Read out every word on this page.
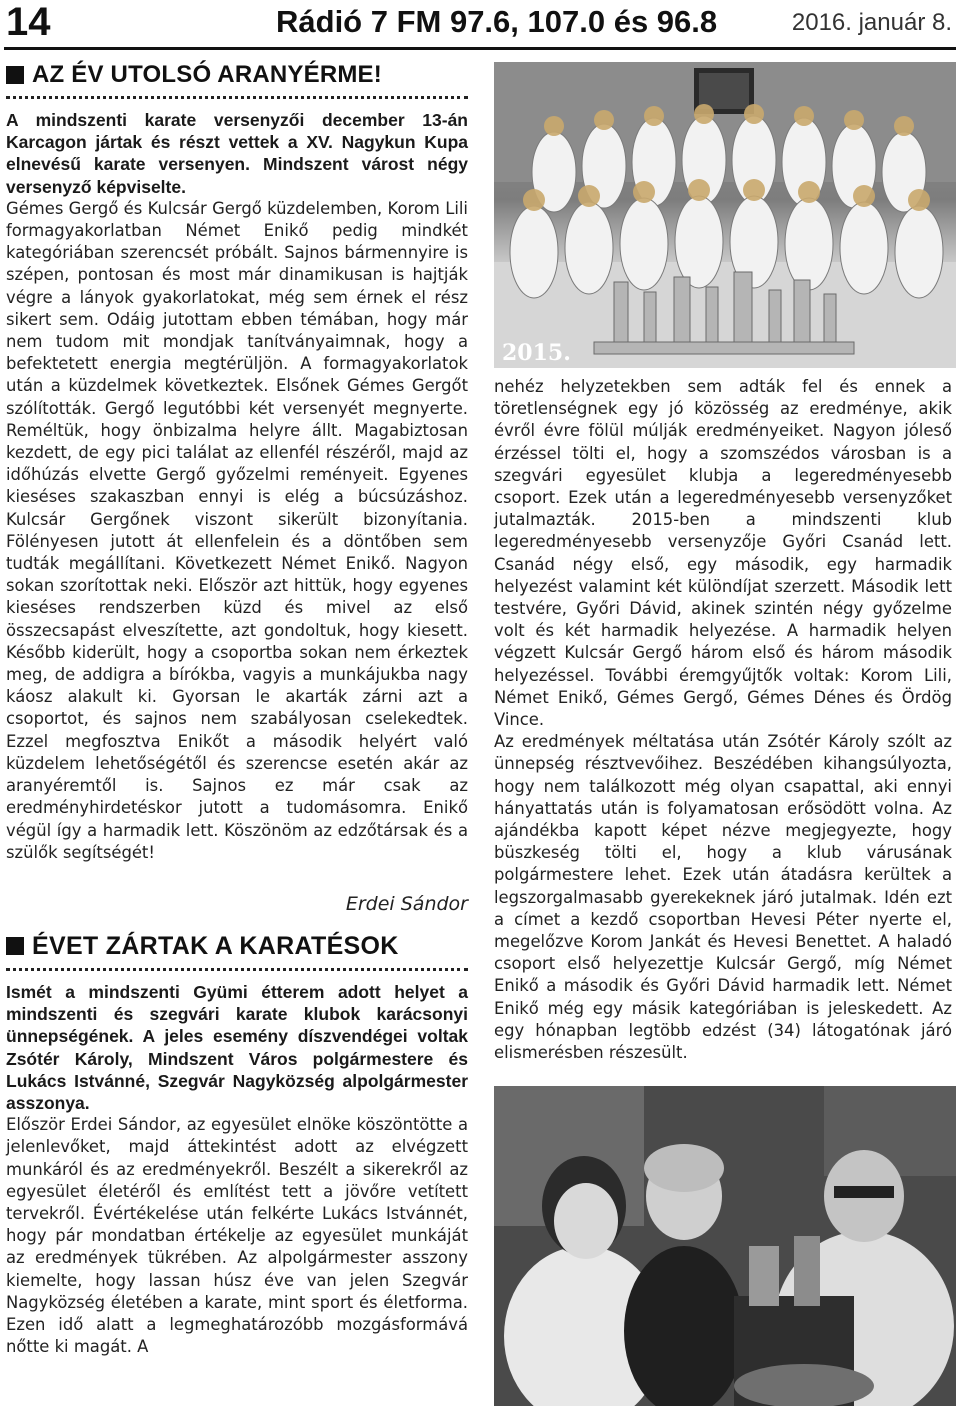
14	Rádió 7 FM 97.6, 107.0 és 96.8	2016. január 8.
AZ ÉV UTOLSÓ ARANYÉRME!

A mindszenti karate versenyzői december 13-án Karcagon jártak és részt vettek a XV. Nagykun Kupa elnevésű karate versenyen. Mindszent várost négy versenyző képviselte.

Gémes Gergő és Kulcsár Gergő küzdelemben, Korom Lili formagyakorlatban Német Enikő pedig mindkét kategóriában szerencsét próbált. Sajnos bármennyire is szépen, pontosan és most már dinamikusan is hajtják végre a lányok gyakorlatokat, még sem érnek el rész sikert sem. Odáig jutottam ebben témában, hogy már nem tudom mit mondjak tanítványaimnak, hogy a befektetett energia megtérüljön. A formagyakorlatok után a küzdelmek következtek. Elsőnek Gémes Gergőt szólították. Gergő legutóbbi két versenyét megnyerte. Reméltük, hogy önbizalma helyre állt. Magabiztosan kezdett, de egy pici találat az ellenfél részéről, majd az időhúzás elvette Gergő győzelmi reményeit. Egyenes kieséses szakaszban ennyi is elég a búcsúzáshoz. Kulcsár Gergőnek viszont sikerült bizonyítania. Fölényesen jutott át ellenfelein és a döntőben sem tudták megállítani. Következett Német Enikő. Nagyon sokan szorítottak neki. Először azt hittük, hogy egyenes kieséses rendszerben küzd és mivel az első összecsapást elveszítette, azt gondoltuk, hogy kiesett. Később kiderült, hogy a csoportba sokan nem érkeztek meg, de addigra a bírókba, vagyis a munkájukba nagy káosz alakult ki. Gyorsan le akarták zárni azt a csoportot, és sajnos nem szabályosan cselekedtek. Ezzel megfosztva Enikőt a második helyért való küzdelem lehetőségétől és szerencse esetén akár az aranyéremtől is. Sajnos ez már csak az eredményhirdetéskor jutott a tudomásomra. Enikő végül így a harmadik lett. Köszönöm az edzőtársak és a szülők segítségét!

Erdei Sándor
ÉVET ZÁRTAK A KARATÉSOK

Ismét a mindszenti Gyümi étterem adott helyet a mindszenti és szegvári karate klubok karácsonyi ünnepségének. A jeles esemény díszvendégei voltak Zsótér Károly, Mindszent Város polgármestere és Lukács Istvánné, Szegvár Nagyközség alpolgármester asszonya.

Először Erdei Sándor, az egyesület elnöke köszöntötte a jelenlevőket, majd áttekintést adott az elvégzett munkáról és az eredményekről. Beszélt a sikerekről az egyesület életéről és említést tett a jövőre vetített tervekről. Évértékelése után felkérte Lukács Istvánnét, hogy pár mondatban értékelje az egyesület munkáját az eredmények tükrében. Az alpolgármester asszony kiemelte, hogy lassan húsz éve van jelen Szegvár Nagyközség életében a karate, mint sport és életforma. Ezen idő alatt a legmeghatározóbb mozgásformává nőtte ki magát. A

2015.

nehéz helyzetekben sem adták fel és ennek a töretlenségnek egy jó közösség az eredménye, akik évről évre fölül múlják eredményeiket. Nagyon jóleső érzéssel tölti el, hogy a szomszédos városban is a szegvári egyesület klubja a legeredményesebb csoport. Ezek után a legeredményesebb versenyzőket jutalmazták. 2015-ben a mindszenti klub legeredményesebb versenyzője Győri Csanád lett. Csanád négy első, egy második, egy harmadik helyezést valamint két különdíjat szerzett. Második lett testvére, Győri Dávid, akinek szintén négy győzelme volt és két harmadik helyezése. A harmadik helyen végzett Kulcsár Gergő három első és három második helyezéssel. További éremgyűjtők voltak: Korom Lili, Német Enikő, Gémes Gergő, Gémes Dénes és Ördög Vince.

Az eredmények méltatása után Zsótér Károly szólt az ünnepség résztvevőihez. Beszédében kihangsúlyozta, hogy nem találkozott még olyan csapattal, aki ennyi hányattatás után is folyamatosan erősödött volna. Az ajándékba kapott képet nézve megjegyezte, hogy büszkeség tölti el, hogy a klub várusának polgármestere lehet. Ezek után átadásra kerültek a legszorgalmasabb gyerekeknek járó jutalmak. Idén ezt a címet a kezdő csoportban Hevesi Péter nyerte el, megelőzve Korom Jankát és Hevesi Benettet. A haladó csoport első helyezettje Kulcsár Gergő, míg Német Enikő a második és Győri Dávid harmadik lett. Német Enikő még egy másik kategóriában is jeleskedett. Az egy hónapban legtöbb edzést (34) látogatónak járó elismerésben részesült.
